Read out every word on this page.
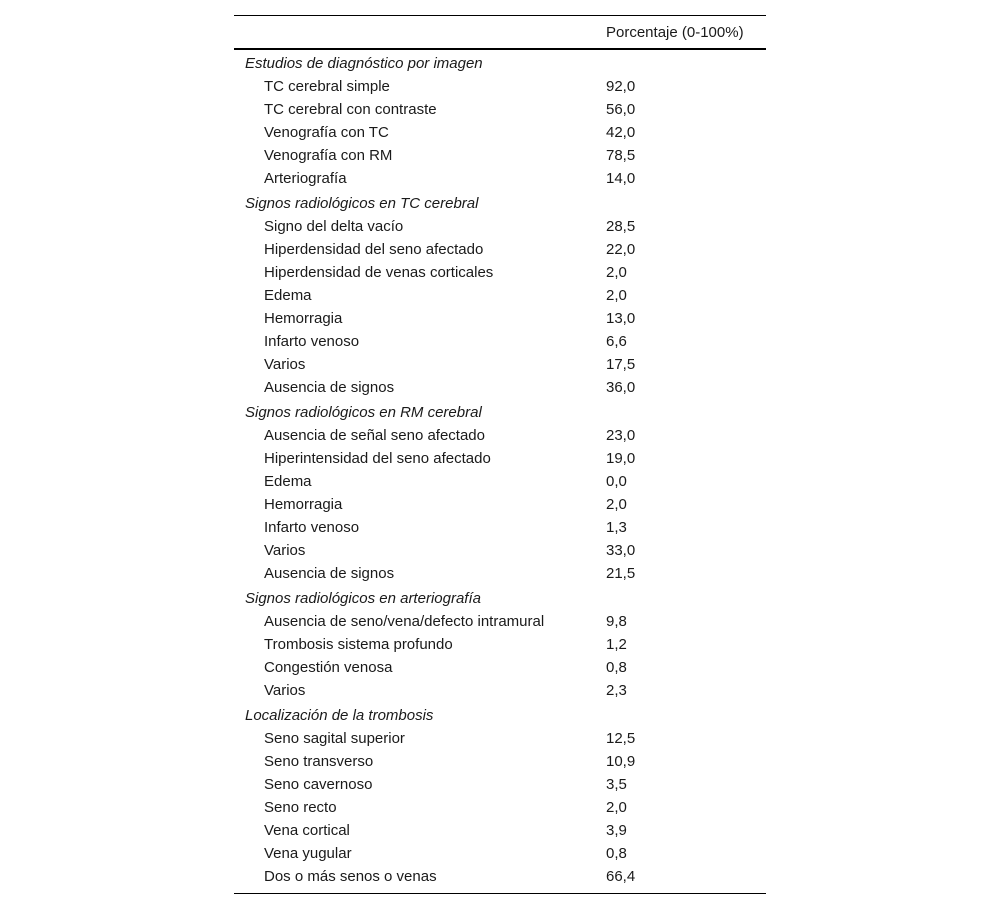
Porcentaje (0-100%)
Estudios de diagnóstico por imagen
TC cerebral simple	92,0
TC cerebral con contraste	56,0
Venografía con TC	42,0
Venografía con RM	78,5
Arteriografía	14,0
Signos radiológicos en TC cerebral
Signo del delta vacío	28,5
Hiperdensidad del seno afectado	22,0
Hiperdensidad de venas corticales	2,0
Edema	2,0
Hemorragia	13,0
Infarto venoso	6,6
Varios	17,5
Ausencia de signos	36,0
Signos radiológicos en RM cerebral
Ausencia de señal seno afectado	23,0
Hiperintensidad del seno afectado	19,0
Edema	0,0
Hemorragia	2,0
Infarto venoso	1,3
Varios	33,0
Ausencia de signos	21,5
Signos radiológicos en arteriografía
Ausencia de seno/vena/defecto intramural	9,8
Trombosis sistema profundo	1,2
Congestión venosa	0,8
Varios	2,3
Localización de la trombosis
Seno sagital superior	12,5
Seno transverso	10,9
Seno cavernoso	3,5
Seno recto	2,0
Vena cortical	3,9
Vena yugular	0,8
Dos o más senos o venas	66,4
